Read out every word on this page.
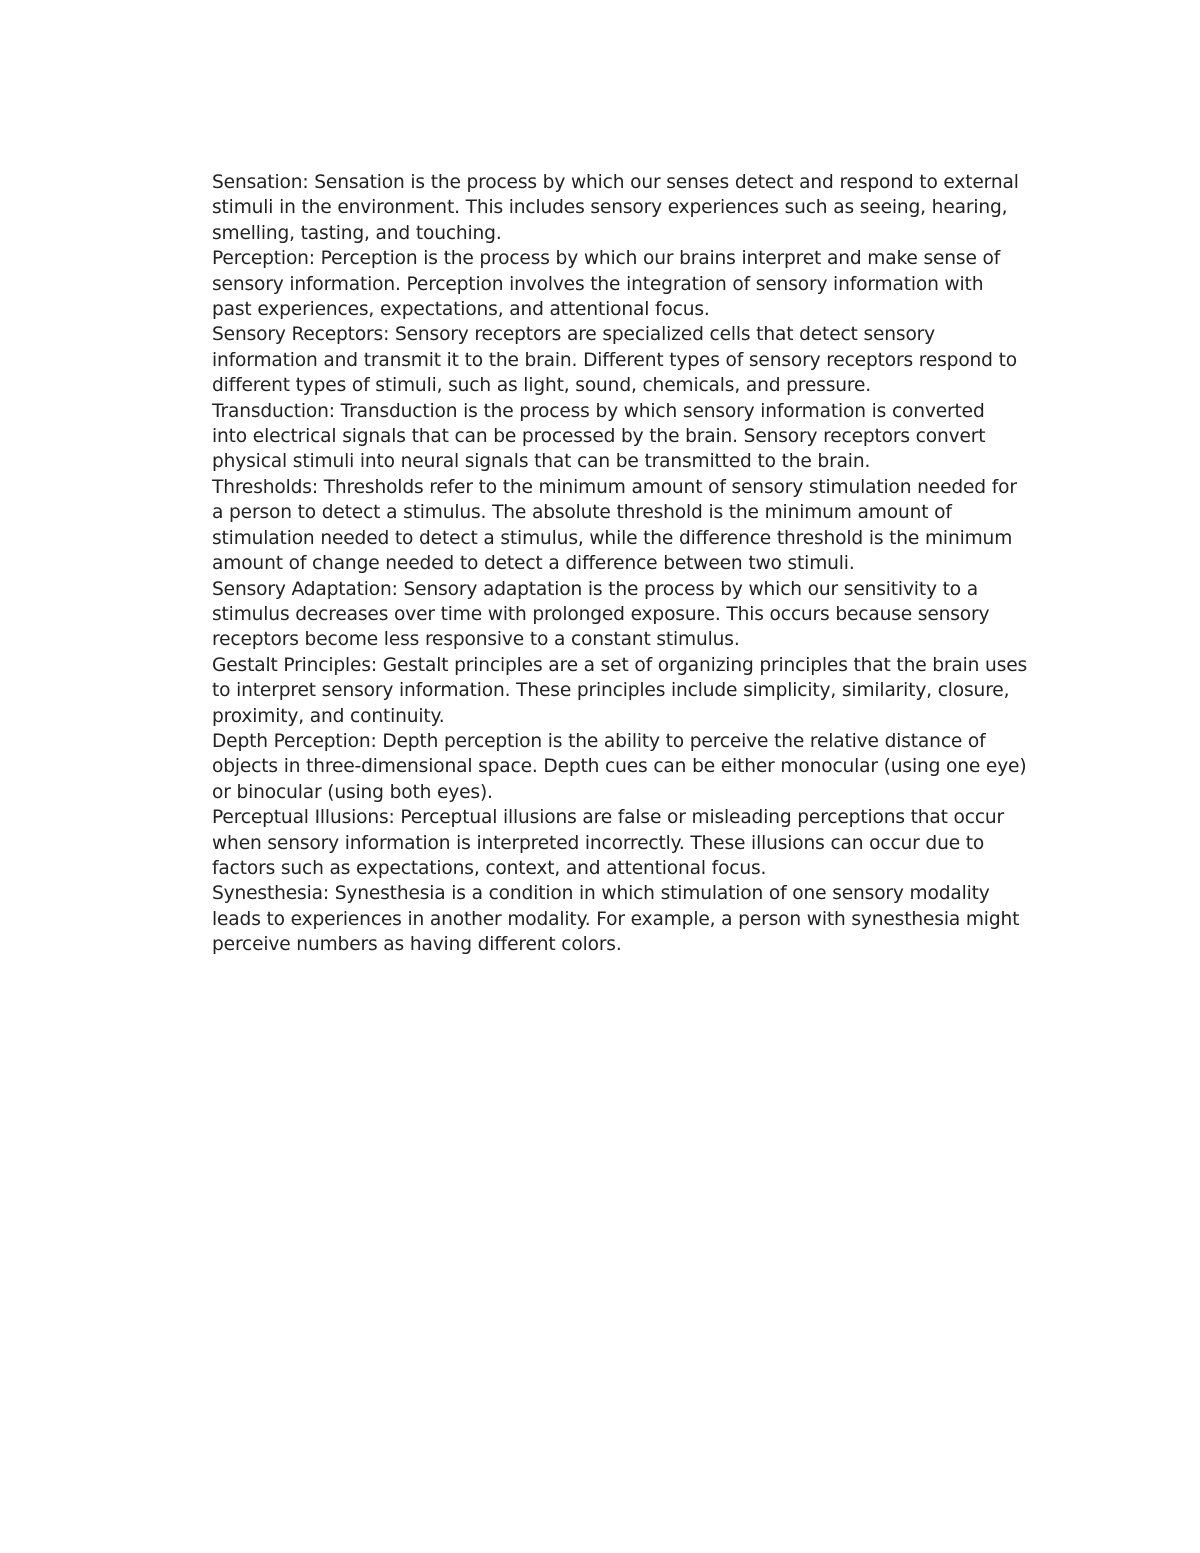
Sensation: Sensation is the process by which our senses detect and respond to external
stimuli in the environment. This includes sensory experiences such as seeing, hearing,
smelling, tasting, and touching.

Perception: Perception is the process by which our brains interpret and make sense of
sensory information. Perception involves the integration of sensory information with
past experiences, expectations, and attentional focus.

Sensory Receptors: Sensory receptors are specialized cells that detect sensory
information and transmit it to the brain. Different types of sensory receptors respond to
different types of stimuli, such as light, sound, chemicals, and pressure.

Transduction: Transduction is the process by which sensory information is converted
into electrical signals that can be processed by the brain. Sensory receptors convert
physical stimuli into neural signals that can be transmitted to the brain.

Thresholds: Thresholds refer to the minimum amount of sensory stimulation needed for
a person to detect a stimulus. The absolute threshold is the minimum amount of
stimulation needed to detect a stimulus, while the difference threshold is the minimum
amount of change needed to detect a difference between two stimuli.

Sensory Adaptation: Sensory adaptation is the process by which our sensitivity to a
stimulus decreases over time with prolonged exposure. This occurs because sensory
receptors become less responsive to a constant stimulus.

Gestalt Principles: Gestalt principles are a set of organizing principles that the brain uses
to interpret sensory information. These principles include simplicity, similarity, closure,
proximity, and continuity.

Depth Perception: Depth perception is the ability to perceive the relative distance of
objects in three-dimensional space. Depth cues can be either monocular (using one eye)
or binocular (using both eyes).

Perceptual Illusions: Perceptual illusions are false or misleading perceptions that occur
when sensory information is interpreted incorrectly. These illusions can occur due to
factors such as expectations, context, and attentional focus.

Synesthesia: Synesthesia is a condition in which stimulation of one sensory modality
leads to experiences in another modality. For example, a person with synesthesia might
perceive numbers as having different colors.
